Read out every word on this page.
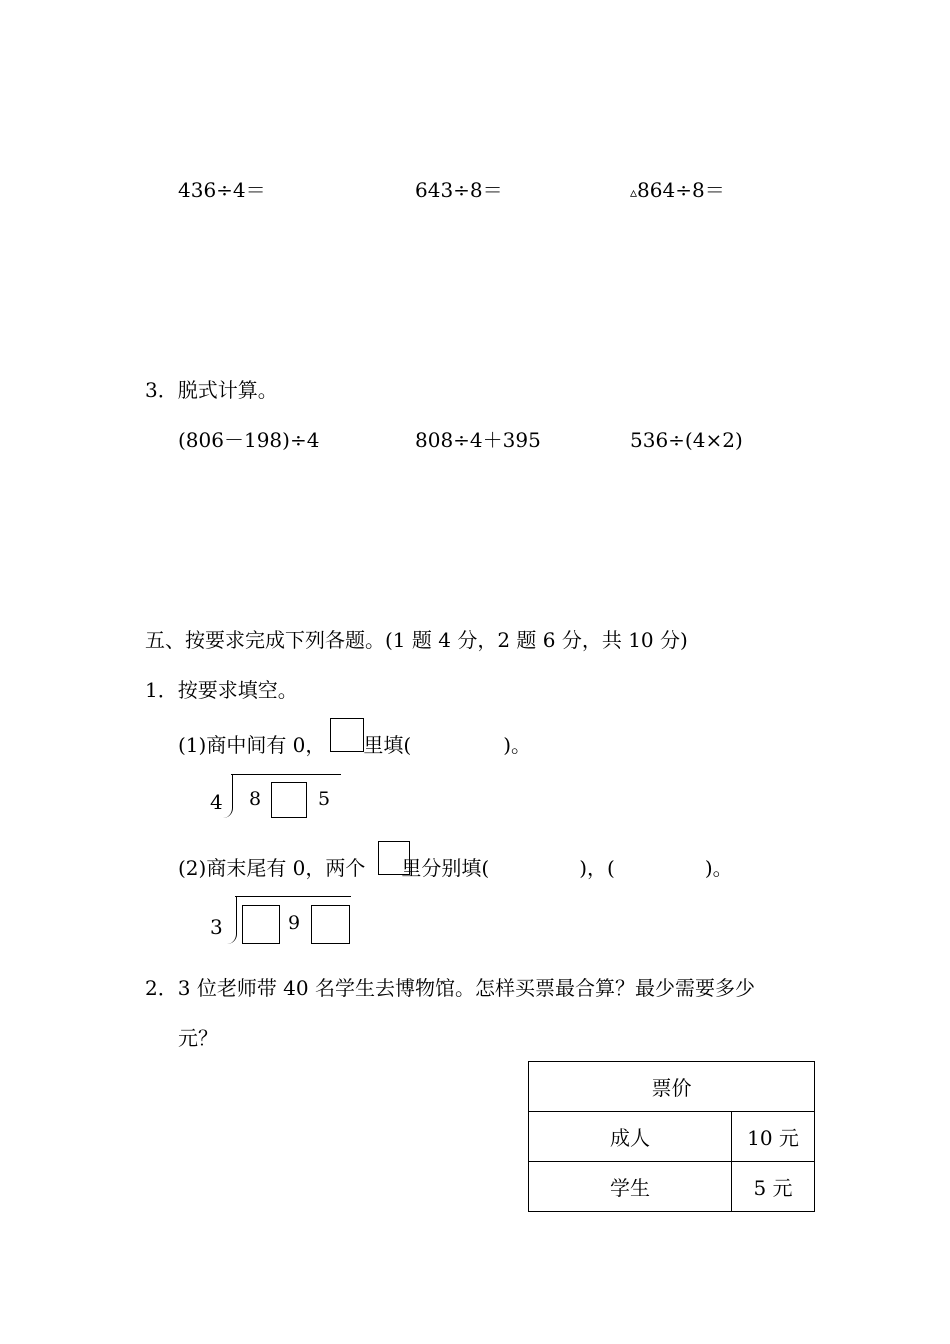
436÷4＝	643÷8＝	▵864÷8＝
3．脱式计算。
(806－198)÷4	808÷4＋395	536÷(4×2)
五、按要求完成下列各题。(1 题 4 分，2 题 6 分，共 10 分)
1．按要求填空。
(1)商中间有 0， 里填(	)。
4 8	5
(2)商末尾有 0，两个 里分别填(	)，(	)。
3	9
2．3 位老师带 40 名学生去博物馆。怎样买票最合算？最少需要多少
元？
票价	
成人	10 元
学生	5 元
